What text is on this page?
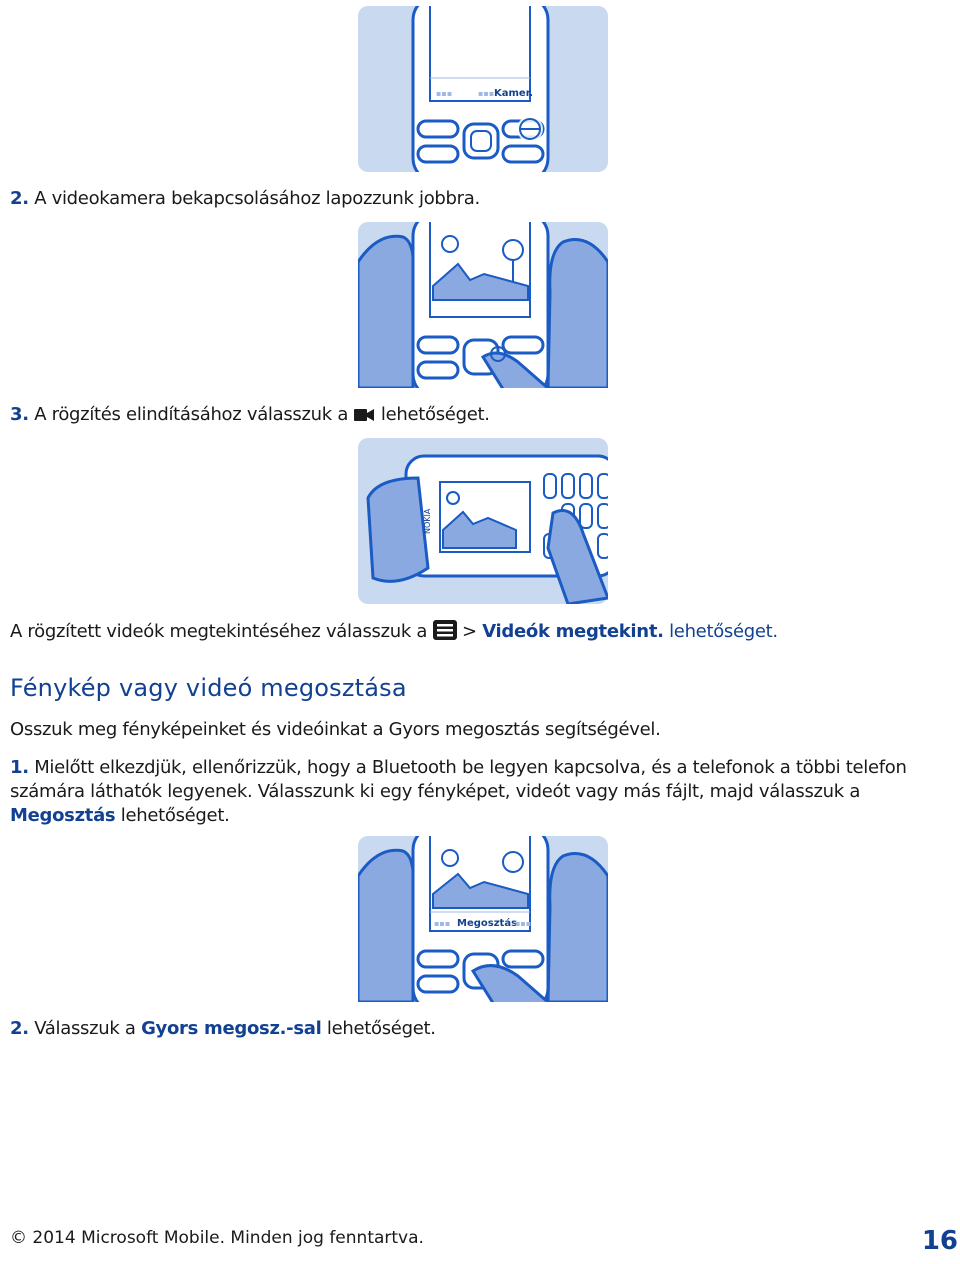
▪▪▪	▪▪▪ Kamer.
2. A videokamera bekapcsolásához lapozzunk jobbra.
3. A rögzítés elindításához válasszuk a lehetőséget.
NOKIA
A rögzített videók megtekintéséhez válasszuk a > Videók megtekint. lehetőséget.
Fénykép vagy videó megosztása
Osszuk meg fényképeinket és videóinkat a Gyors megosztás segítségével.
1. Mielőtt elkezdjük, ellenőrizzük, hogy a Bluetooth be legyen kapcsolva, és a telefonok a többi telefon számára láthatók legyenek. Válasszunk ki egy fényképet, videót vagy más fájlt, majd válasszuk a Megosztás lehetőséget.
▪▪▪ Megosztás
▪▪▪
2. Válasszuk a Gyors megosz.-sal lehetőséget.
© 2014 Microsoft Mobile. Minden jog fenntartva.	16
